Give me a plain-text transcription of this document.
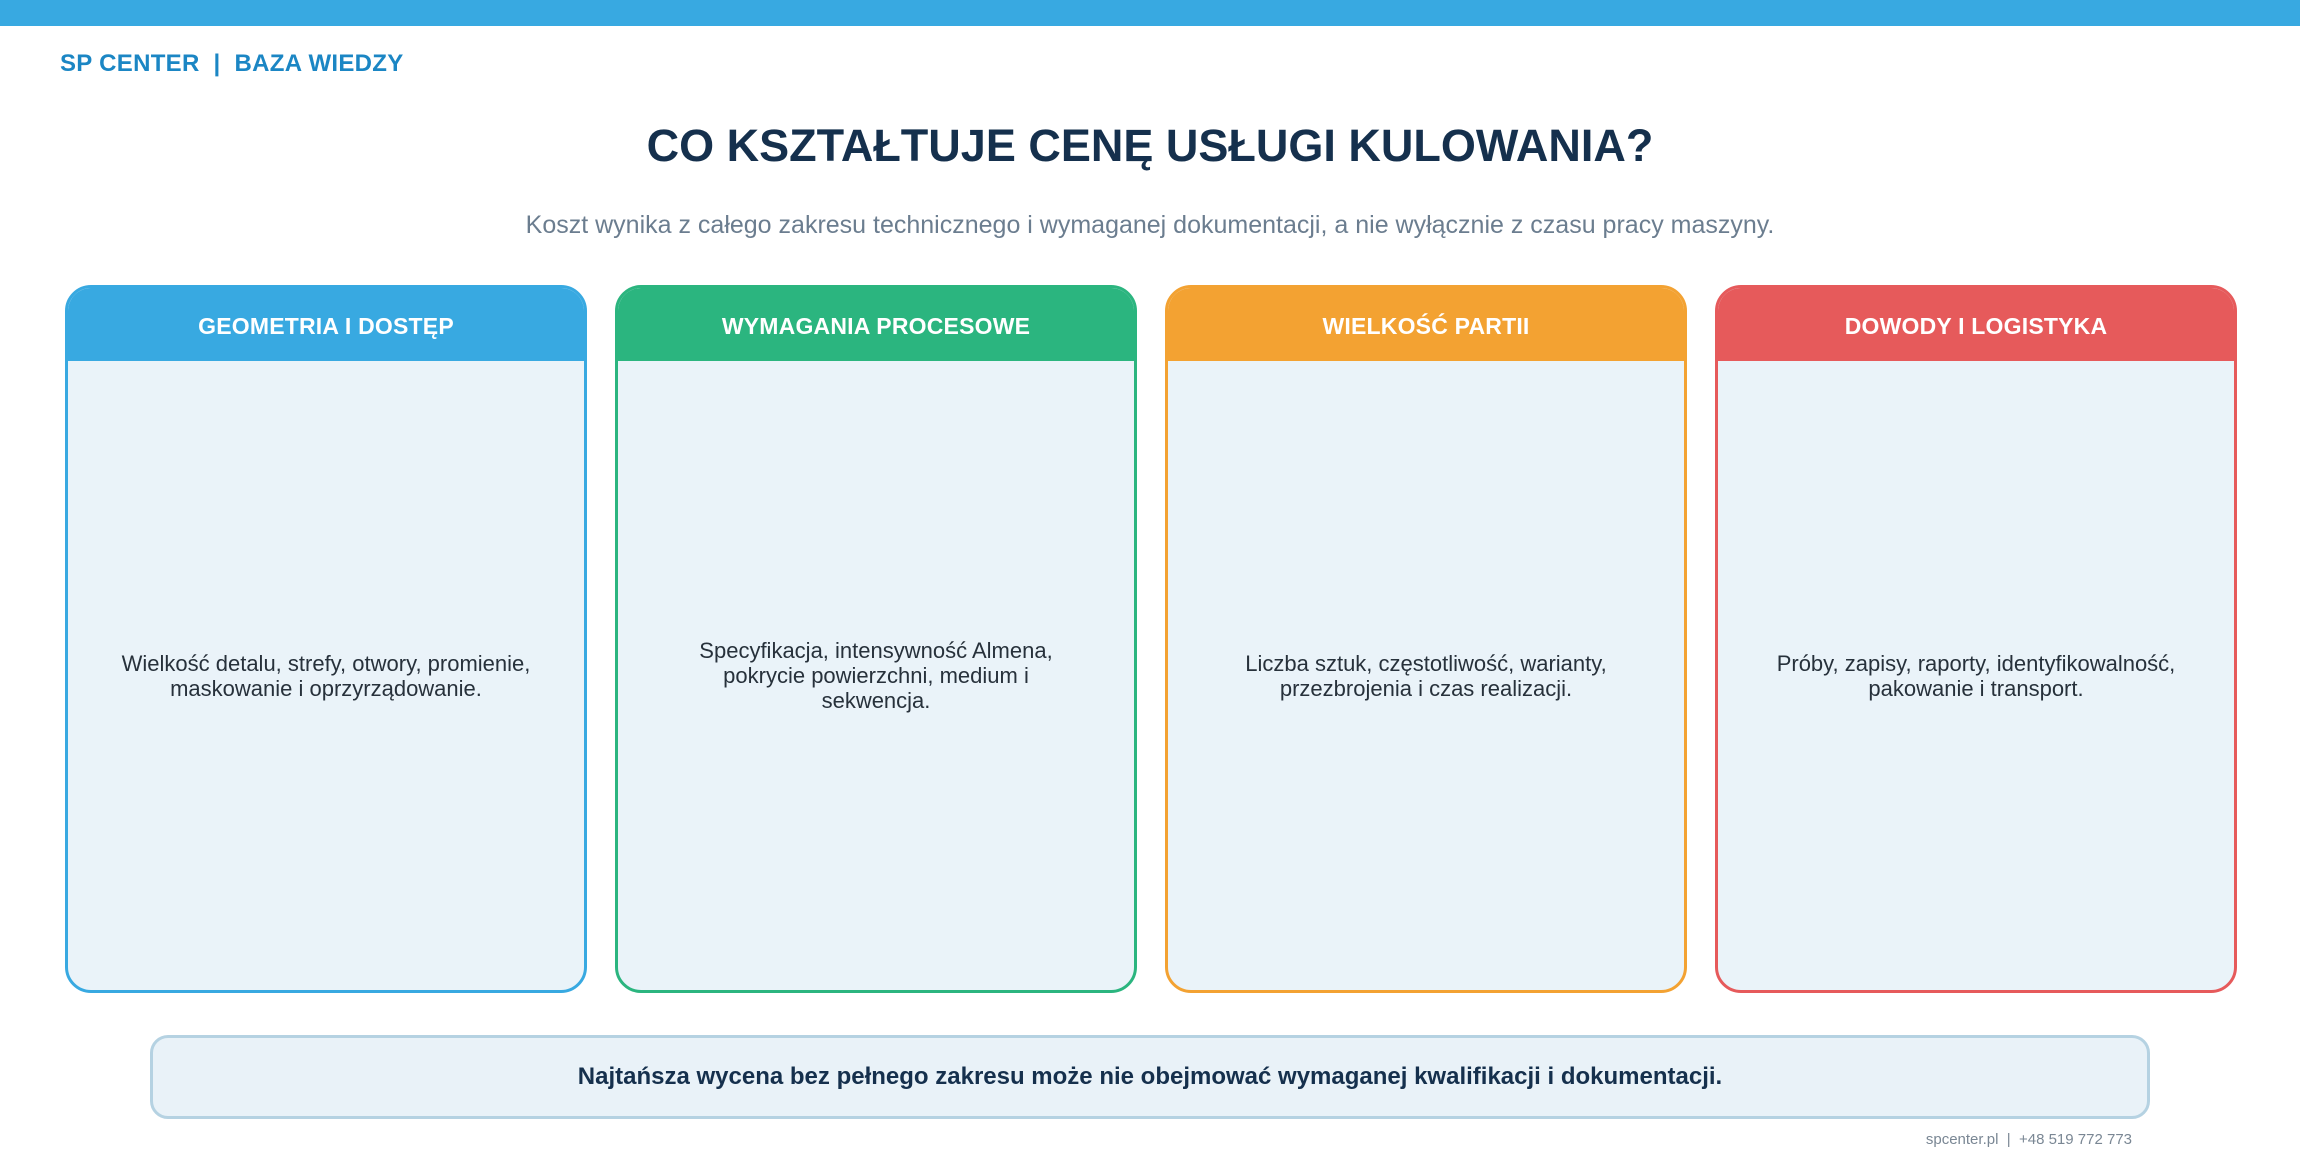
SP CENTER  |  BAZA WIEDZY
CO KSZTAŁTUJE CENĘ USŁUGI KULOWANIA?
Koszt wynika z całego zakresu technicznego i wymaganej dokumentacji, a nie wyłącznie z czasu pracy maszyny.
GEOMETRIA I DOSTĘP
Wielkość detalu, strefy, otwory, promienie, maskowanie i oprzyrządowanie.
WYMAGANIA PROCESOWE
Specyfikacja, intensywność Almena, pokrycie powierzchni, medium i sekwencja.
WIELKOŚĆ PARTII
Liczba sztuk, częstotliwość, warianty, przezbrojenia i czas realizacji.
DOWODY I LOGISTYKA
Próby, zapisy, raporty, identyfikowalność, pakowanie i transport.
Najtańsza wycena bez pełnego zakresu może nie obejmować wymaganej kwalifikacji i dokumentacji.
spcenter.pl  |  +48 519 772 773
